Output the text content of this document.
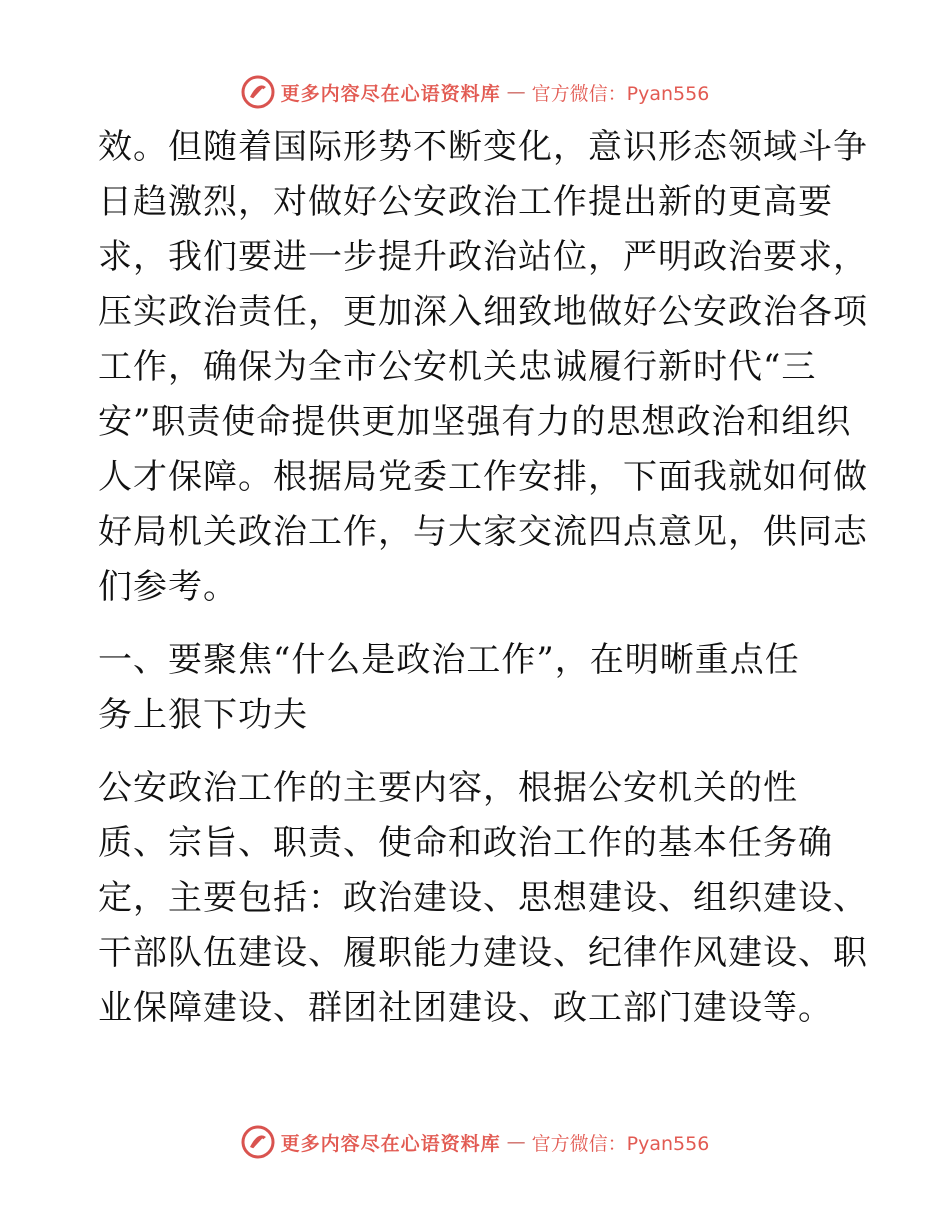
更多内容尽在心语资料库 — 官方微信：Pyan556
效。但随着国际形势不断变化，意识形态领域斗争
日趋激烈，对做好公安政治工作提出新的更高要
求，我们要进一步提升政治站位，严明政治要求，
压实政治责任，更加深入细致地做好公安政治各项
工作，确保为全市公安机关忠诚履行新时代“三
安”职责使命提供更加坚强有力的思想政治和组织
人才保障。根据局党委工作安排，下面我就如何做
好局机关政治工作，与大家交流四点意见，供同志
们参考。
一、要聚焦“什么是政治工作”，在明晰重点任
务上狠下功夫
公安政治工作的主要内容，根据公安机关的性
质、宗旨、职责、使命和政治工作的基本任务确
定，主要包括：政治建设、思想建设、组织建设、
干部队伍建设、履职能力建设、纪律作风建设、职
业保障建设、群团社团建设、政工部门建设等。
更多内容尽在心语资料库 — 官方微信：Pyan556
